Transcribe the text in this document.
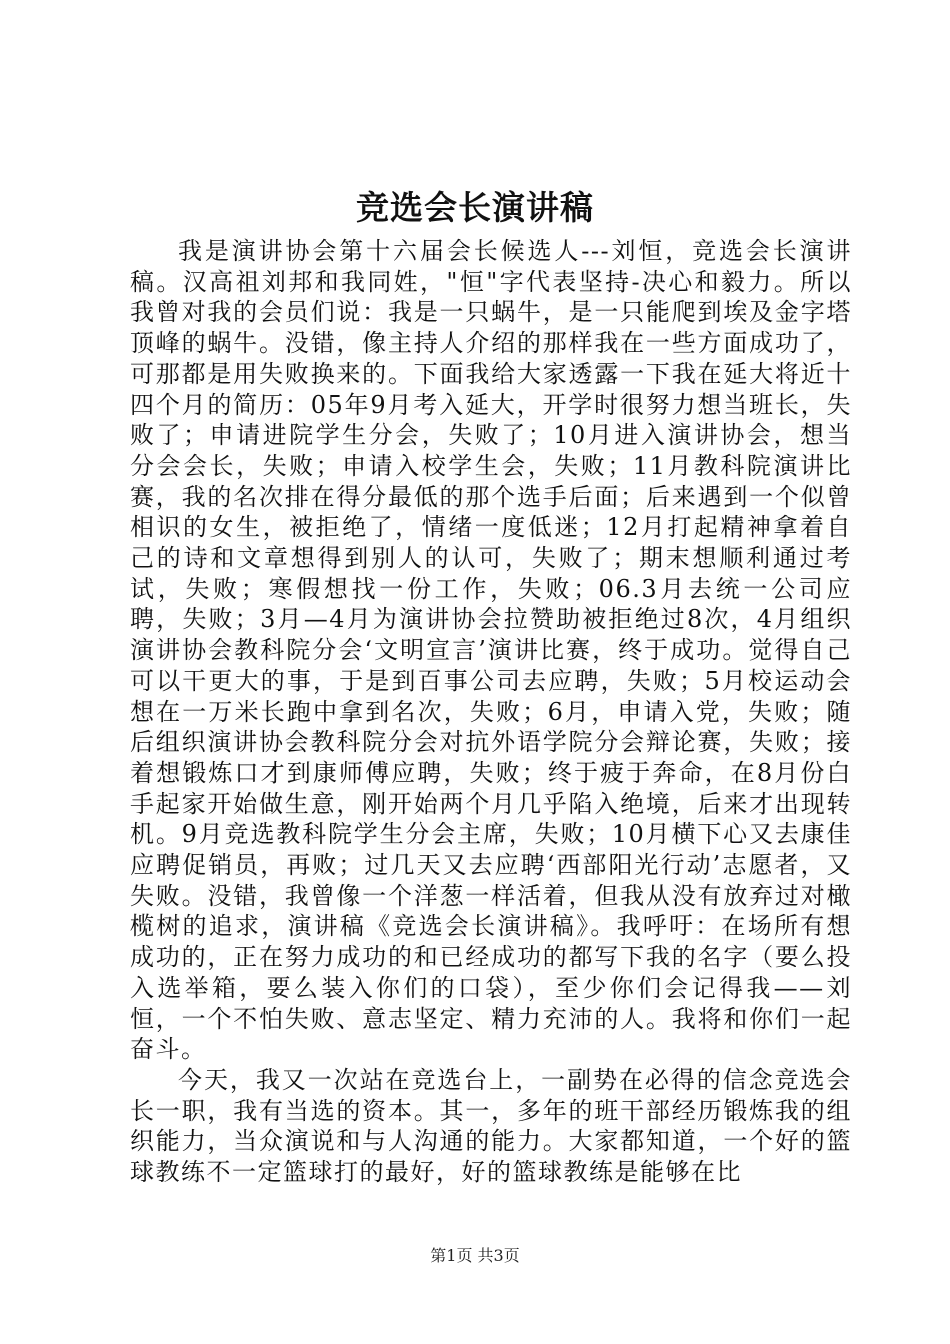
竞选会长演讲稿

我是演讲协会第十六届会长候选人---刘恒，竞选会长演讲稿。汉高祖刘邦和我同姓，"恒"字代表坚持-决心和毅力。所以我曾对我的会员们说：我是一只蜗牛，是一只能爬到埃及金字塔顶峰的蜗牛。没错，像主持人介绍的那样我在一些方面成功了，可那都是用失败换来的。下面我给大家透露一下我在延大将近十四个月的简历：05年9月考入延大，开学时很努力想当班长，失败了；申请进院学生分会，失败了；10月进入演讲协会，想当分会会长，失败；申请入校学生会，失败；11月教科院演讲比赛，我的名次排在得分最低的那个选手后面；后来遇到一个似曾相识的女生，被拒绝了，情绪一度低迷；12月打起精神拿着自己的诗和文章想得到别人的认可，失败了；期末想顺利通过考试，失败；寒假想找一份工作，失败；06.3月去统一公司应聘，失败；3月—4月为演讲协会拉赞助被拒绝过8次，4月组织演讲协会教科院分会‘文明宣言’演讲比赛，终于成功。觉得自己可以干更大的事，于是到百事公司去应聘，失败；5月校运动会想在一万米长跑中拿到名次，失败；6月，申请入党，失败；随后组织演讲协会教科院分会对抗外语学院分会辩论赛，失败；接着想锻炼口才到康师傅应聘，失败；终于疲于奔命，在8月份白手起家开始做生意，刚开始两个月几乎陷入绝境，后来才出现转机。9月竞选教科院学生分会主席，失败；10月横下心又去康佳应聘促销员，再败；过几天又去应聘‘西部阳光行动’志愿者，又失败。没错，我曾像一个洋葱一样活着，但我从没有放弃过对橄榄树的追求，演讲稿《竞选会长演讲稿》。我呼吁：在场所有想成功的，正在努力成功的和已经成功的都写下我的名字（要么投入选举箱，要么装入你们的口袋），至少你们会记得我——刘恒，一个不怕失败、意志坚定、精力充沛的人。我将和你们一起奋斗。

今天，我又一次站在竞选台上，一副势在必得的信念竞选会长一职，我有当选的资本。其一，多年的班干部经历锻炼我的组织能力，当众演说和与人沟通的能力。大家都知道，一个好的篮球教练不一定篮球打的最好，好的篮球教练是能够在比

第1页 共3页
